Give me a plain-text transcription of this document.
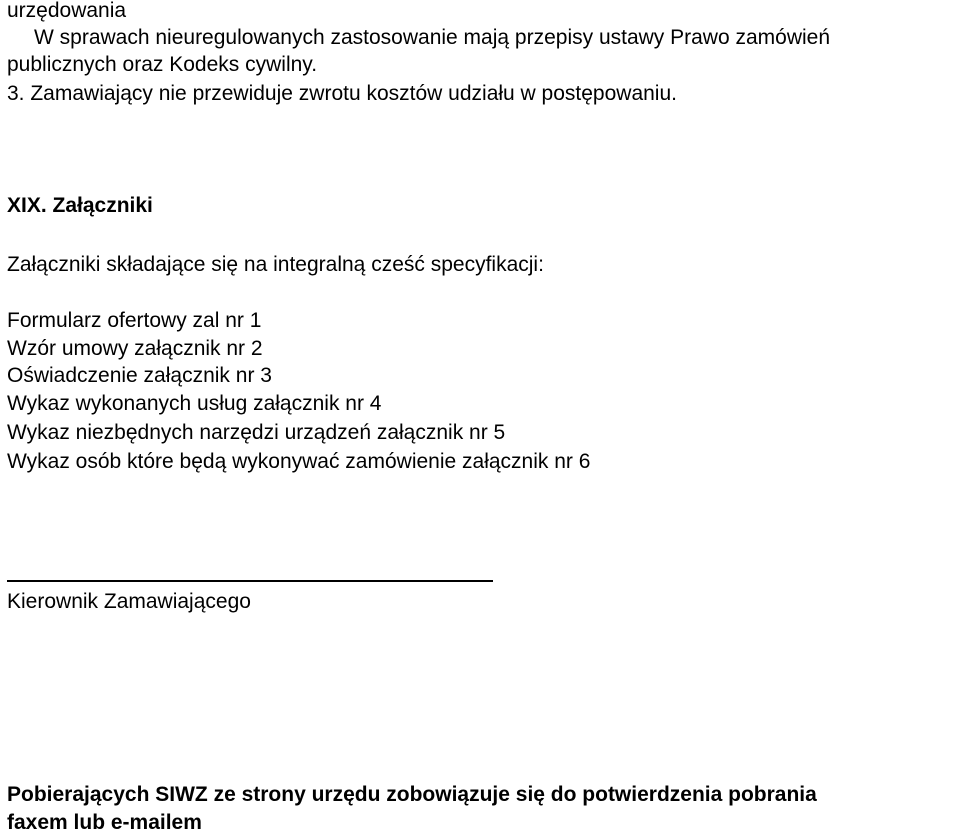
urzędowania
W sprawach nieuregulowanych zastosowanie mają przepisy ustawy Prawo zamówień
publicznych oraz Kodeks cywilny.
3. Zamawiający nie przewiduje zwrotu kosztów udziału w postępowaniu.
XIX. Załączniki
Załączniki składające się na integralną cześć specyfikacji:
Formularz ofertowy zal nr 1
Wzór umowy załącznik nr 2
Oświadczenie załącznik nr 3
Wykaz wykonanych usług załącznik nr 4
Wykaz niezbędnych narzędzi urządzeń załącznik nr 5
Wykaz osób które będą wykonywać zamówienie załącznik nr 6
Kierownik Zamawiającego
Pobierających SIWZ ze strony urzędu zobowiązuje się do potwierdzenia pobrania
faxem lub e-mailem
